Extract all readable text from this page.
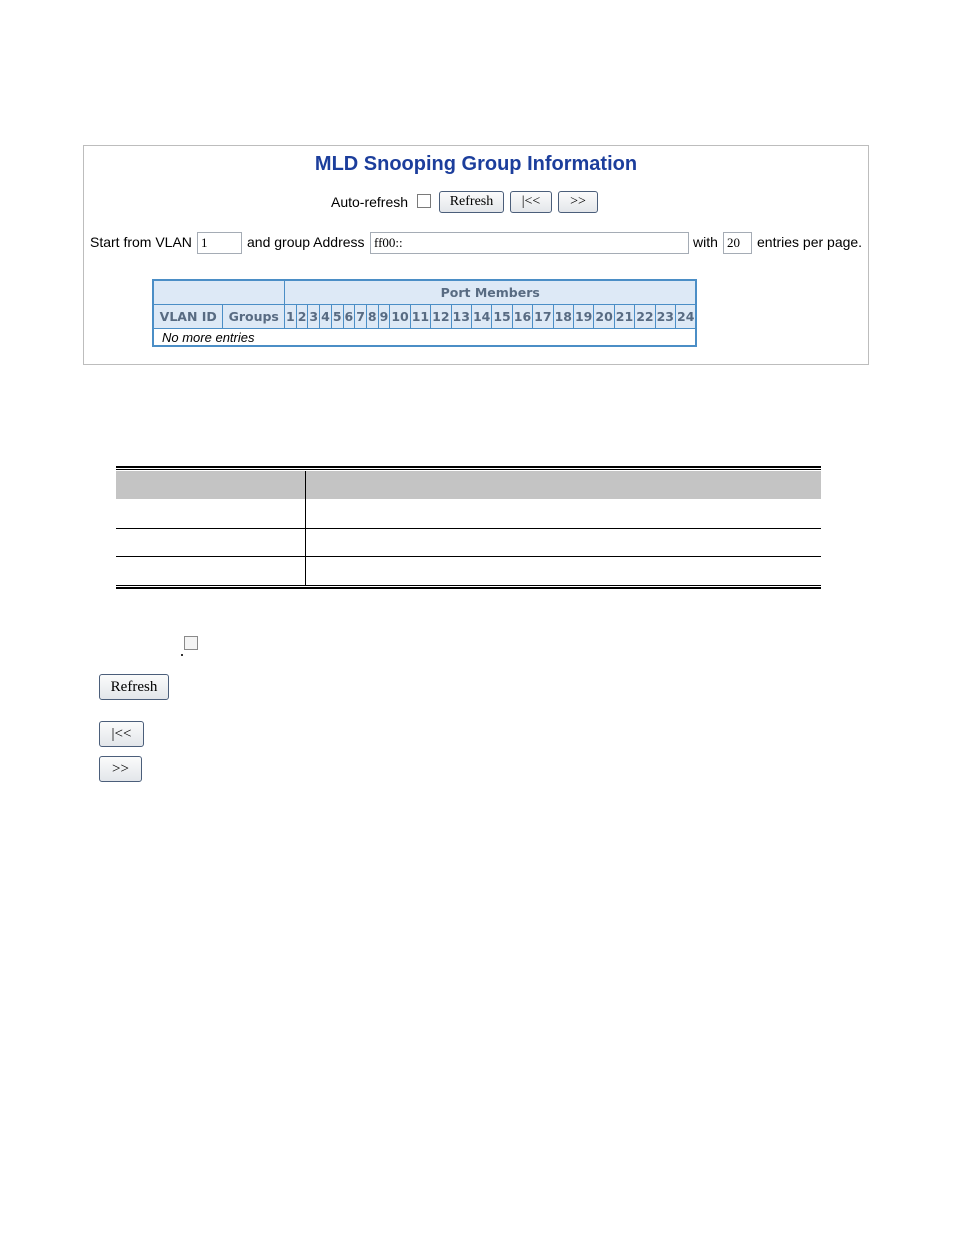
MLD Snooping Group Information
Auto-refresh	Refresh	|<<	>>
Start from VLAN 1	and group Address ff00::	with 20	entries per page.
		Port Members																							
VLAN ID	Groups	1	2	3	4	5	6	7	8	9	10	11	12	13	14	15	16	17	18	19	20	21	22	23	24
No more entries																									
Refresh
|<<
>>
